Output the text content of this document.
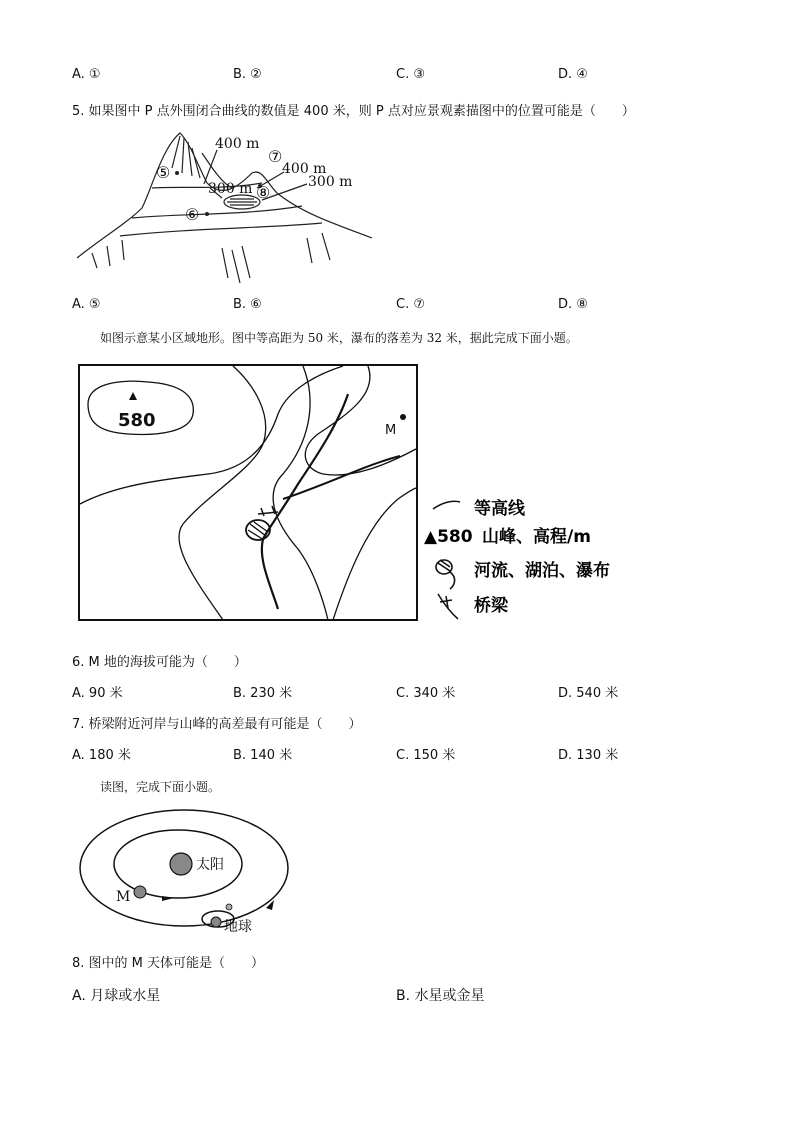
A. ①	B. ②	C. ③	D. ④
5. 如果图中 P 点外围闭合曲线的数值是 400 米，则 P 点对应景观素描图中的位置可能是（　　）
400 m
400 m
300 m
300 m
⑤
⑥
⑦
⑧
A. ⑤	B. ⑥	C. ⑦	D. ⑧
如图示意某小区域地形。图中等高距为 50 米，瀑布的落差为 32 米，据此完成下面小题。
580	M
等高线
▲580 山峰、高程/m
河流、湖泊、瀑布
桥梁
6. M 地的海拔可能为（　　）
A. 90 米	B. 230 米	C. 340 米	D. 540 米
7. 桥梁附近河岸与山峰的高差最有可能是（　　）
A. 180 米	B. 140 米	C. 150 米	D. 130 米
读图，完成下面小题。
太阳
M
地球
8. 图中的 M 天体可能是（　　）
A. 月球或水星	B. 水星或金星
